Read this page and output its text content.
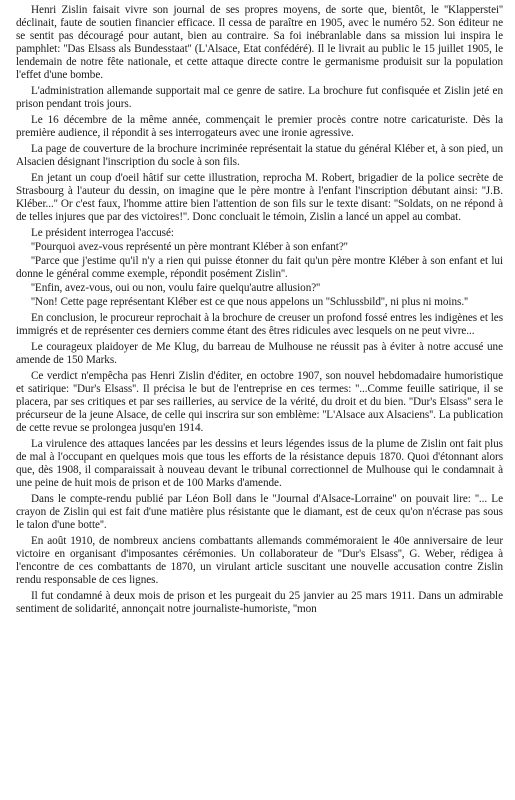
Henri Zislin faisait vivre son journal de ses propres moyens, de sorte que, bientôt, le ''Klapperstei'' déclinait, faute de soutien financier efficace. Il cessa de paraître en 1905, avec le numéro 52. Son éditeur ne se sentit pas découragé pour autant, bien au contraire. Sa foi inébranlable dans sa mission lui inspira le pamphlet: ''Das Elsass als Bundesstaat'' (L'Alsace, Etat confédéré). Il le livrait au public le 15 juillet 1905, le lendemain de notre fête nationale, et cette attaque directe contre le germanisme produisit sur la population l'effet d'une bombe.

L'administration allemande supportait mal ce genre de satire. La brochure fut confisquée et Zislin jeté en prison pendant trois jours.

Le 16 décembre de la même année, commençait le premier procès contre notre caricaturiste. Dès la première audience, il répondit à ses interrogateurs avec une ironie agressive.

La page de couverture de la brochure incriminée représentait la statue du général Kléber et, à son pied, un Alsacien désignant l'inscription du socle à son fils.

En jetant un coup d'oeil hâtif sur cette illustration, reprocha M. Robert, brigadier de la police secrète de Strasbourg à l'auteur du dessin, on imagine que le père montre à l'enfant l'inscription débutant ainsi: ''J.B. Kléber...'' Or c'est faux, l'homme attire bien l'attention de son fils sur le texte disant: ''Soldats, on ne répond à de telles injures que par des victoires!''. Donc concluait le témoin, Zislin a lancé un appel au combat.

Le président interrogea l'accusé:

''Pourquoi avez-vous représenté un père montrant Kléber à son enfant?''

''Parce que j'estime qu'il n'y a rien qui puisse étonner du fait qu'un père montre Kléber à son enfant et lui donne le général comme exemple, répondit posément Zislin''.

''Enfin, avez-vous, oui ou non, voulu faire quelqu'autre allusion?''

''Non! Cette page représentant Kléber est ce que nous appelons un ''Schlussbild'', ni plus ni moins.''

En conclusion, le procureur reprochait à la brochure de creuser un profond fossé entres les indigènes et les immigrés et de représenter ces derniers comme étant des êtres ridicules avec lesquels on ne peut vivre...

Le courageux plaidoyer de Me Klug, du barreau de Mulhouse ne réussit pas à éviter à notre accusé une amende de 150 Marks.

Ce verdict n'empêcha pas Henri Zislin d'éditer, en octobre 1907, son nouvel hebdomadaire humoristique et satirique: ''Dur's Elsass''. Il précisa le but de l'entreprise en ces termes: ''...Comme feuille satirique, il se placera, par ses critiques et par ses railleries, au service de la vérité, du droit et du bien. ''Dur's Elsass'' sera le précurseur de la jeune Alsace, de celle qui inscrira sur son emblème: ''L'Alsace aux Alsaciens''. La publication de cette revue se prolongea jusqu'en 1914.

La virulence des attaques lancées par les dessins et leurs légendes issus de la plume de Zislin ont fait plus de mal à l'occupant en quelques mois que tous les efforts de la résistance depuis 1870. Quoi d'étonnant alors que, dès 1908, il comparaissait à nouveau devant le tribunal correctionnel de Mulhouse qui le condamnait à une peine de huit mois de prison et de 100 Marks d'amende.

Dans le compte-rendu publié par Léon Boll dans le ''Journal d'Alsace-Lorraine'' on pouvait lire: ''... Le crayon de Zislin qui est fait d'une matière plus résistante que le diamant, est de ceux qu'on n'écrase pas sous le talon d'une botte''.

En août 1910, de nombreux anciens combattants allemands commémoraient le 40e anniversaire de leur victoire en organisant d'imposantes cérémonies. Un collaborateur de ''Dur's Elsass'', G. Weber, rédigea à l'encontre de ces combattants de 1870, un virulant article suscitant une nouvelle accusation contre Zislin rendu responsable de ces lignes.

Il fut condamné à deux mois de prison et les purgeait du 25 janvier au 25 mars 1911. Dans un admirable sentiment de solidarité, annonçait notre journaliste-humoriste, ''mon
